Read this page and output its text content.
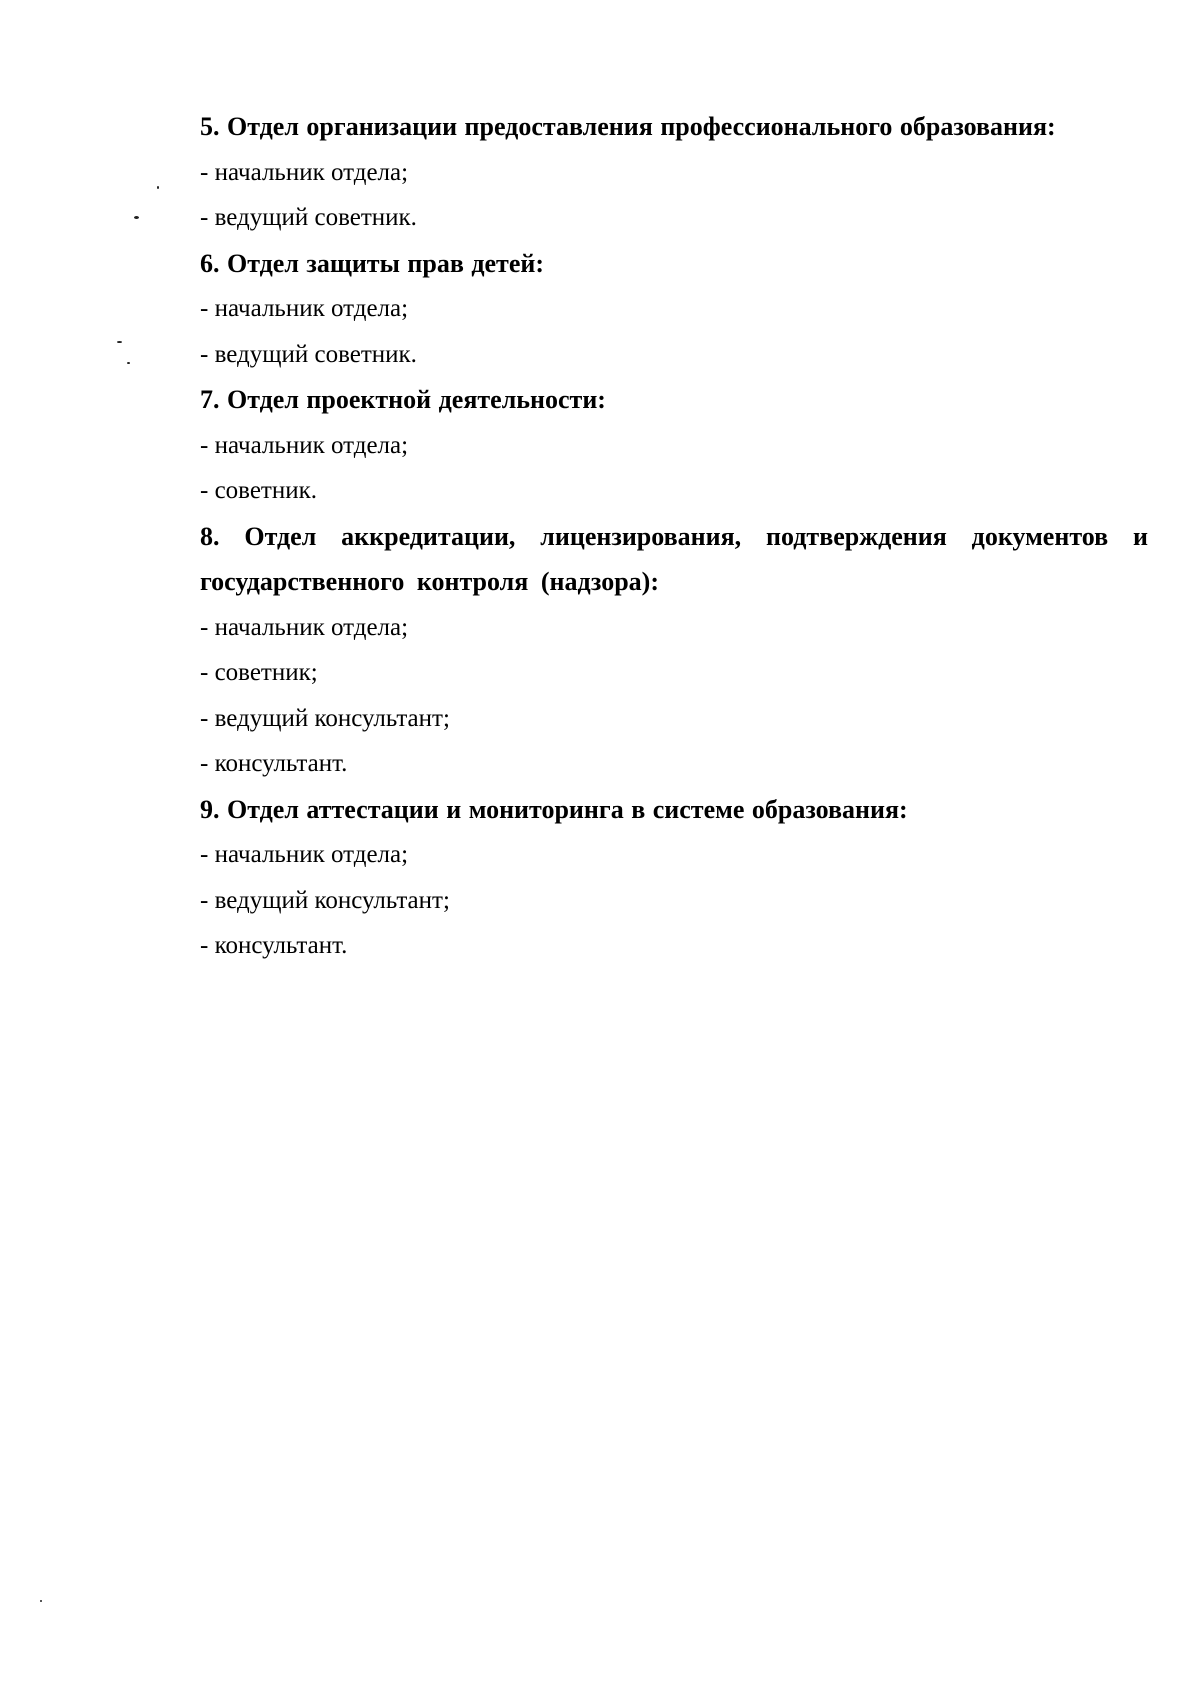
5. Отдел организации предоставления профессионального образования:

- начальник отдела;

- ведущий советник.

6. Отдел защиты прав детей:

- начальник отдела;

- ведущий советник.

7. Отдел проектной деятельности:

- начальник отдела;

- советник.

8. Отдел аккредитации, лицензирования, подтверждения документов и государственного контроля (надзора):

- начальник отдела;

- советник;

- ведущий консультант;

- консультант.

9. Отдел аттестации и мониторинга в системе образования:

- начальник отдела;

- ведущий консультант;

- консультант.
